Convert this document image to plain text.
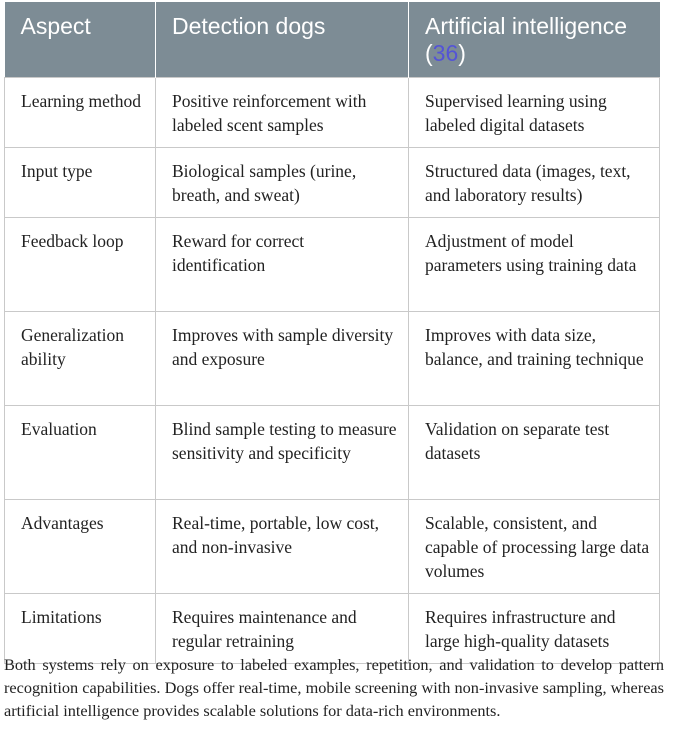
Aspect	Detection dogs	Artificial intelligence (36)
Learning method	Positive reinforcement with labeled scent samples	Supervised learning using labeled digital datasets
Input type	Biological samples (urine, breath, and sweat)	Structured data (images, text, and laboratory results)
Feedback loop	Reward for correct identification	Adjustment of model parameters using training data
Generalization ability	Improves with sample diversity and exposure	Improves with data size, balance, and training technique
Evaluation	Blind sample testing to measure sensitivity and specificity	Validation on separate test datasets
Advantages	Real-time, portable, low cost, and non-invasive	Scalable, consistent, and capable of processing large data volumes
Limitations	Requires maintenance and regular retraining	Requires infrastructure and large high-quality datasets

Both systems rely on exposure to labeled examples, repetition, and validation to develop pattern recognition capabilities. Dogs offer real-time, mobile screening with non-invasive sampling, whereas artificial intelligence provides scalable solutions for data-rich environments.
